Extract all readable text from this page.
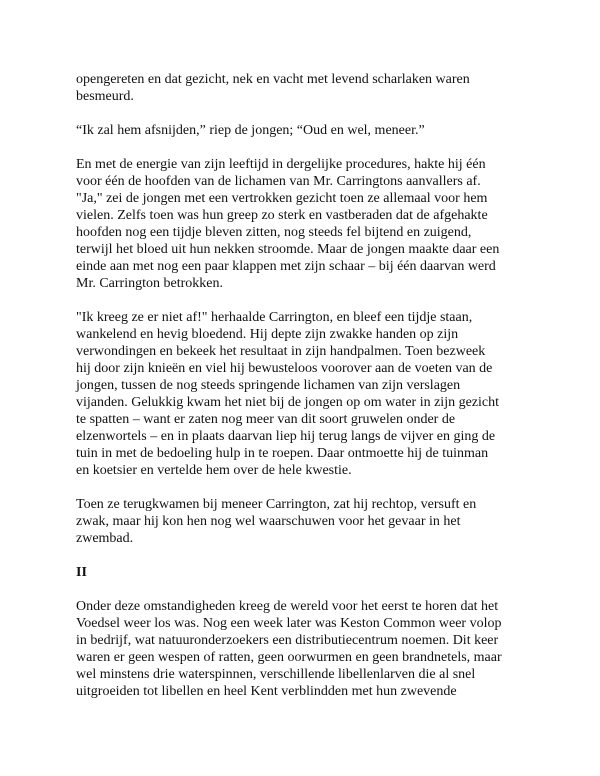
opengereten en dat gezicht, nek en vacht met levend scharlaken waren
besmeurd.
“Ik zal hem afsnijden,” riep de jongen; “Oud en wel, meneer.”
En met de energie van zijn leeftijd in dergelijke procedures, hakte hij één
voor één de hoofden van de lichamen van Mr. Carringtons aanvallers af.
"Ja," zei de jongen met een vertrokken gezicht toen ze allemaal voor hem
vielen. Zelfs toen was hun greep zo sterk en vastberaden dat de afgehakte
hoofden nog een tijdje bleven zitten, nog steeds fel bijtend en zuigend,
terwijl het bloed uit hun nekken stroomde. Maar de jongen maakte daar een
einde aan met nog een paar klappen met zijn schaar – bij één daarvan werd
Mr. Carrington betrokken.
"Ik kreeg ze er niet af!" herhaalde Carrington, en bleef een tijdje staan,
wankelend en hevig bloedend. Hij depte zijn zwakke handen op zijn
verwondingen en bekeek het resultaat in zijn handpalmen. Toen bezweek
hij door zijn knieën en viel hij bewusteloos voorover aan de voeten van de
jongen, tussen de nog steeds springende lichamen van zijn verslagen
vijanden. Gelukkig kwam het niet bij de jongen op om water in zijn gezicht
te spatten – want er zaten nog meer van dit soort gruwelen onder de
elzenwortels – en in plaats daarvan liep hij terug langs de vijver en ging de
tuin in met de bedoeling hulp in te roepen. Daar ontmoette hij de tuinman
en koetsier en vertelde hem over de hele kwestie.
Toen ze terugkwamen bij meneer Carrington, zat hij rechtop, versuft en
zwak, maar hij kon hen nog wel waarschuwen voor het gevaar in het
zwembad.
II
Onder deze omstandigheden kreeg de wereld voor het eerst te horen dat het
Voedsel weer los was. Nog een week later was Keston Common weer volop
in bedrijf, wat natuuronderzoekers een distributiecentrum noemen. Dit keer
waren er geen wespen of ratten, geen oorwurmen en geen brandnetels, maar
wel minstens drie waterspinnen, verschillende libellenlarven die al snel
uitgroeiden tot libellen en heel Kent verblindden met hun zwevende
